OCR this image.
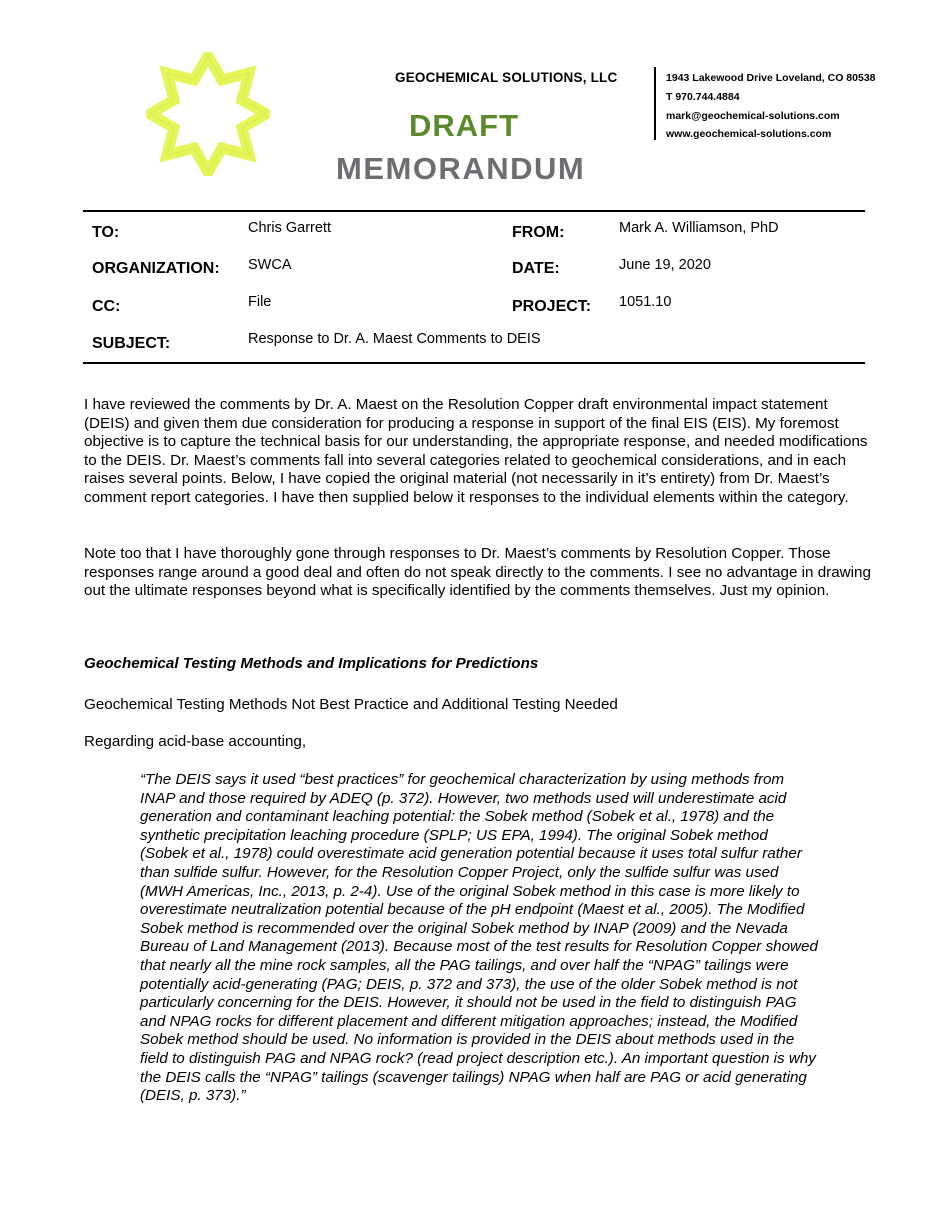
GEOCHEMICAL SOLUTIONS, LLC
DRAFT
MEMORANDUM
1943 Lakewood Drive Loveland, CO 80538
T 970.744.4884
mark@geochemical-solutions.com
www.geochemical-solutions.com
TO:	Chris Garrett
ORGANIZATION: SWCA
CC:	File
SUBJECT:	Response to Dr. A. Maest Comments to DEIS
FROM:	Mark A. Williamson, PhD
DATE:	June 19, 2020
PROJECT: 1051.10

I have reviewed the comments by Dr. A. Maest on the Resolution Copper draft environmental impact statement (DEIS) and given them due consideration for producing a response in support of the final EIS (EIS). My foremost objective is to capture the technical basis for our understanding, the appropriate response, and needed modifications to the DEIS. Dr. Maest’s comments fall into several categories related to geochemical considerations, and in each raises several points. Below, I have copied the original material (not necessarily in it’s entirety) from Dr. Maest’s comment report categories. I have then supplied below it responses to the individual elements within the category.

Note too that I have thoroughly gone through responses to Dr. Maest’s comments by Resolution Copper. Those responses range around a good deal and often do not speak directly to the comments. I see no advantage in drawing out the ultimate responses beyond what is specifically identified by the comments themselves. Just my opinion.

Geochemical Testing Methods and Implications for Predictions
Geochemical Testing Methods Not Best Practice and Additional Testing Needed
Regarding acid-base accounting,

“The DEIS says it used “best practices” for geochemical characterization by using methods from INAP and those required by ADEQ (p. 372). However, two methods used will underestimate acid generation and contaminant leaching potential: the Sobek method (Sobek et al., 1978) and the synthetic precipitation leaching procedure (SPLP; US EPA, 1994). The original Sobek method (Sobek et al., 1978) could overestimate acid generation potential because it uses total sulfur rather than sulfide sulfur. However, for the Resolution Copper Project, only the sulfide sulfur was used (MWH Americas, Inc., 2013, p. 2-4). Use of the original Sobek method in this case is more likely to overestimate neutralization potential because of the pH endpoint (Maest et al., 2005). The Modified Sobek method is recommended over the original Sobek method by INAP (2009) and the Nevada Bureau of Land Management (2013). Because most of the test results for Resolution Copper showed that nearly all the mine rock samples, all the PAG tailings, and over half the “NPAG” tailings were potentially acid-generating (PAG; DEIS, p. 372 and 373), the use of the older Sobek method is not particularly concerning for the DEIS. However, it should not be used in the field to distinguish PAG and NPAG rocks for different placement and different mitigation approaches; instead, the Modified Sobek method should be used. No information is provided in the DEIS about methods used in the field to distinguish PAG and NPAG rock? (read project description etc.). An important question is why the DEIS calls the “NPAG” tailings (scavenger tailings) NPAG when half are PAG or acid generating (DEIS, p. 373).”
